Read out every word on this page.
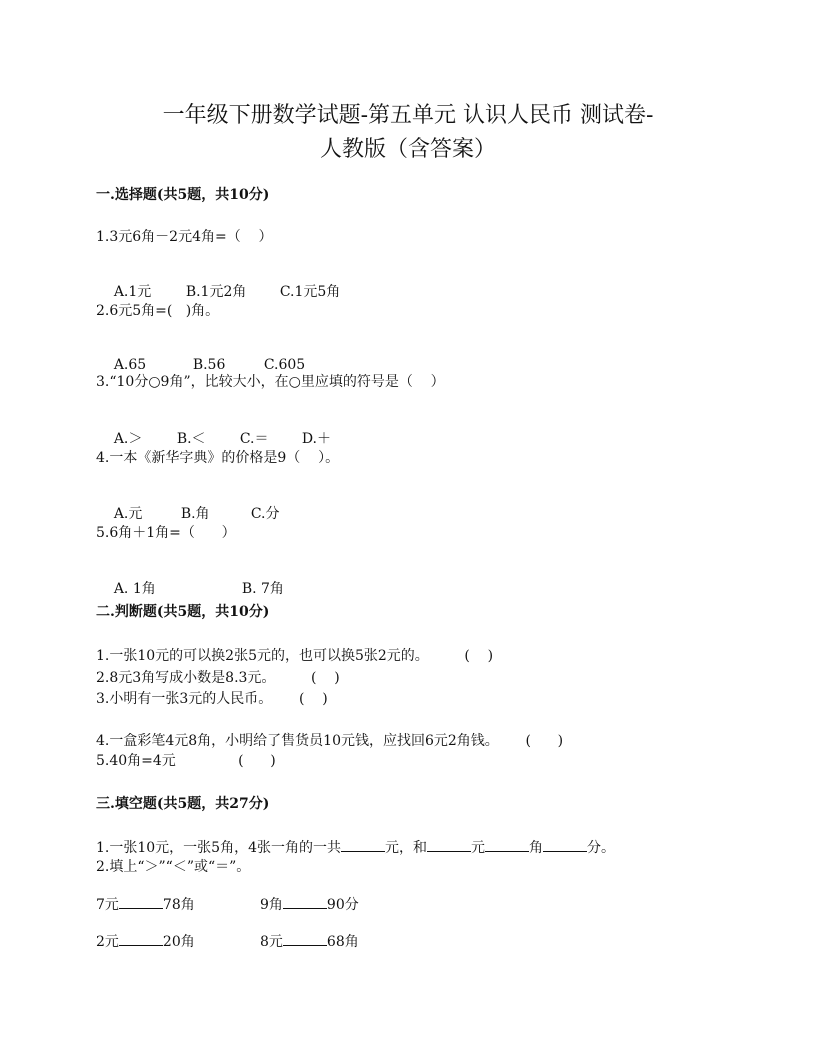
一年级下册数学试题-第五单元 认识人民币 测试卷-
人教版（含答案）
一.选择题(共5题，共10分)
1.3元6角－2元4角=（    ）

A.1元 B.1元2角 C.1元5角

2.6元5角=(   )角。

A.65	B.56	C.605

3.“10分○9角”，比较大小，在○里应填的符号是（    ）

A.＞ B.＜ C.＝ D.＋

4.一本《新华字典》的价格是9（    ）。

A.元	B.角	C.分

5.6角＋1角=（      ）

A. 1角	B. 7角

二.判断题(共5题，共10分)
1.一张10元的可以换2张5元的，也可以换5张2元的。        (    )
2.8元3角写成小数是8.3元。        (    )
3.小明有一张3元的人民币。      (    )
4.一盒彩笔4元8角，小明给了售货员10元钱，应找回6元2角钱。      (      )
5.40角=4元              (      )
三.填空题(共5题，共27分)
1.一张10元，一张5角，4张一角的一共	元，和	元	角	分。
2.填上“＞”“＜”或“＝”。
7元	78角	9角	90分
2元	20角	8元	68角
